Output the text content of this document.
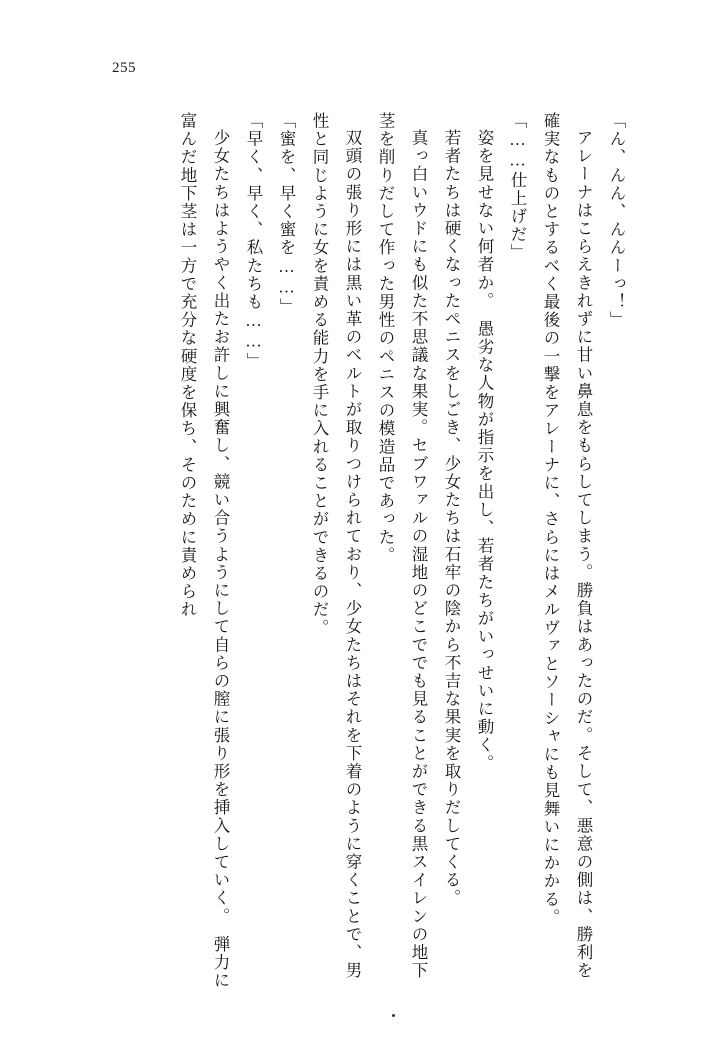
255

「ん、んん、んんーっ！」

アレーナはこらえきれずに甘い鼻息をもらしてしまう。勝負はあったのだ。そして、悪意の側は、勝利を確実なものとするべく最後の一撃をアレーナに、さらにはメルヴァとソーシャにも見舞いにかかる。

「……仕上げだ」

姿を見せない何者か。　愚劣な人物が指示を出し、若者たちがいっせいに動く。

若者たちは硬くなったペニスをしごき、少女たちは石牢の陰から不吉な果実を取りだしてくる。

真っ白いウドにも似た不思議な果実。セブワァルの湿地のどこででも見ることができる黒スイレンの地下茎を削りだして作った男性のペニスの模造品であった。

双頭の張り形には黒い革のベルトが取りつけられており、少女たちはそれを下着のように穿くことで、男性と同じように女を責める能力を手に入れることができるのだ。

「蜜を、早く蜜を……」

「早く、早く、私たちも……」

少女たちはようやく出たお許しに興奮し、競い合うようにして自らの膣に張り形を挿入していく。　弾力に富んだ地下茎は一方で充分な硬度を保ち、そのために責められ
